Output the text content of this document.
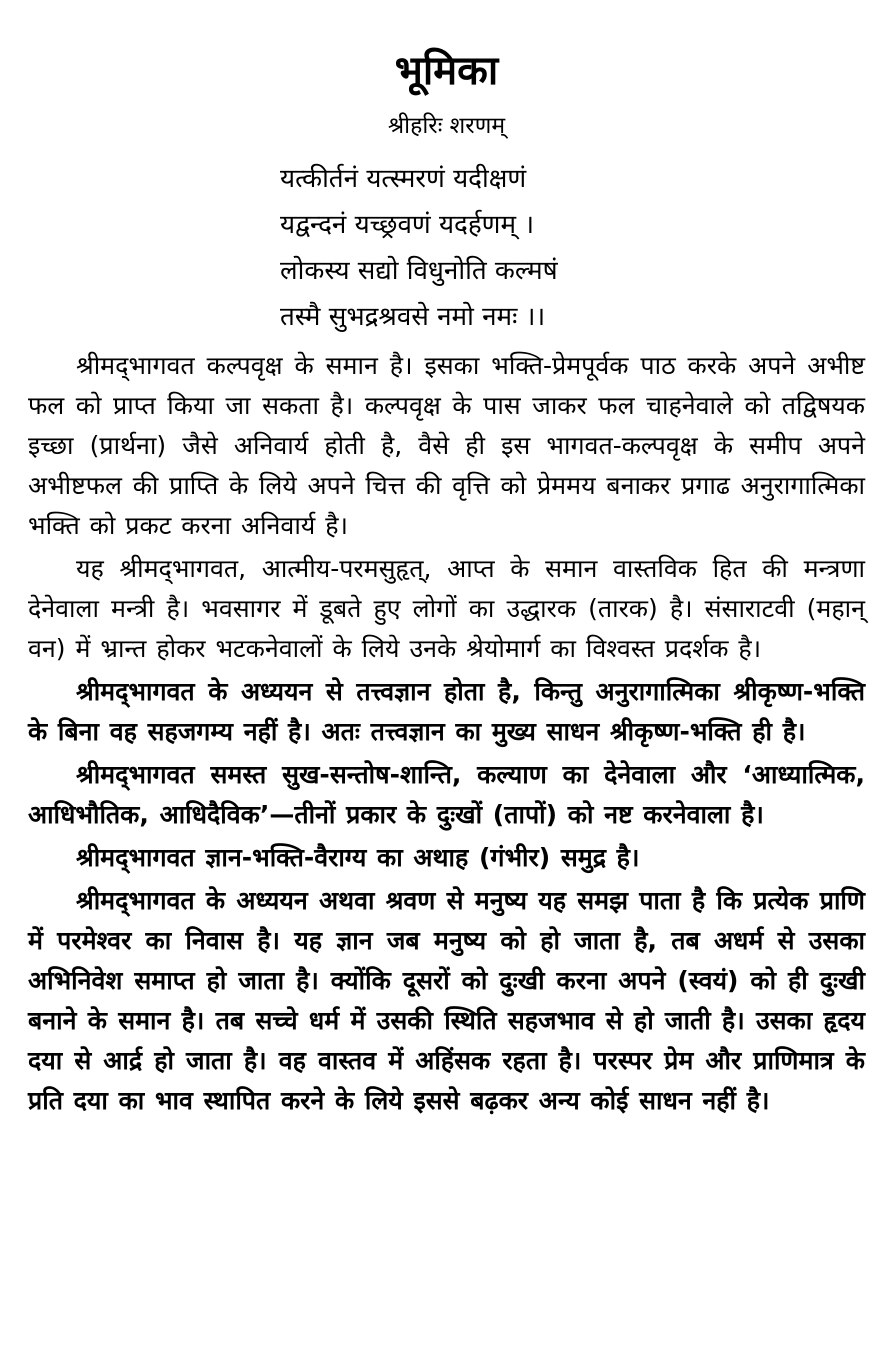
भूमिका
श्रीहरिः शरणम्
यत्कीर्तनं यत्स्मरणं यदीक्षणं
यद्वन्दनं यच्छ्रवणं यदर्हणम् ।
लोकस्य सद्यो विधुनोति कल्मषं
तस्मै सुभद्रश्रवसे नमो नमः ।।

श्रीमद्‌भागवत कल्पवृक्ष के समान है। इसका भक्ति-प्रेमपूर्वक पाठ करके अपने अभीष्ट फल को प्राप्त किया जा सकता है। कल्पवृक्ष के पास जाकर फल चाहनेवाले को तद्विषयक इच्छा (प्रार्थना) जैसे अनिवार्य होती है, वैसे ही इस भागवत-कल्पवृक्ष के समीप अपने अभीष्टफल की प्राप्ति के लिये अपने चित्त की वृत्ति को प्रेममय बनाकर प्रगाढ अनुरागात्मिका भक्ति को प्रकट करना अनिवार्य है।

यह श्रीमद्‌भागवत, आत्मीय-परमसुहृत्, आप्त के समान वास्तविक हित की मन्त्रणा देनेवाला मन्त्री है। भवसागर में डूबते हुए लोगों का उद्धारक (तारक) है। संसाराटवी (महान् वन) में भ्रान्त होकर भटकनेवालों के लिये उनके श्रेयोमार्ग का विश्वस्त प्रदर्शक है।

श्रीमद्‌भागवत के अध्ययन से तत्त्वज्ञान होता है, किन्तु अनुरागात्मिका श्रीकृष्ण-भक्ति के बिना वह सहजगम्य नहीं है। अतः तत्त्वज्ञान का मुख्य साधन श्रीकृष्ण-भक्ति ही है।

श्रीमद्‌भागवत समस्त सुख-सन्तोष-शान्ति, कल्याण का देनेवाला और ‘आध्यात्मिक, आधिभौतिक, आधिदैविक’—तीनों प्रकार के दुःखों (तापों) को नष्ट करनेवाला है।

श्रीमद्‌भागवत ज्ञान-भक्ति-वैराग्य का अथाह (गंभीर) समुद्र है।

श्रीमद्‌भागवत के अध्ययन अथवा श्रवण से मनुष्य यह समझ पाता है कि प्रत्येक प्राणि में परमेश्वर का निवास है। यह ज्ञान जब मनुष्य को हो जाता है, तब अधर्म से उसका अभिनिवेश समाप्त हो जाता है। क्योंकि दूसरों को दुःखी करना अपने (स्वयं) को ही दुःखी बनाने के समान है। तब सच्चे धर्म में उसकी स्थिति सहजभाव से हो जाती है। उसका हृदय दया से आर्द्र हो जाता है। वह वास्तव में अहिंसक रहता है। परस्पर प्रेम और प्राणिमात्र के प्रति दया का भाव स्थापित करने के लिये इससे बढ़कर अन्य कोई साधन नहीं है।
